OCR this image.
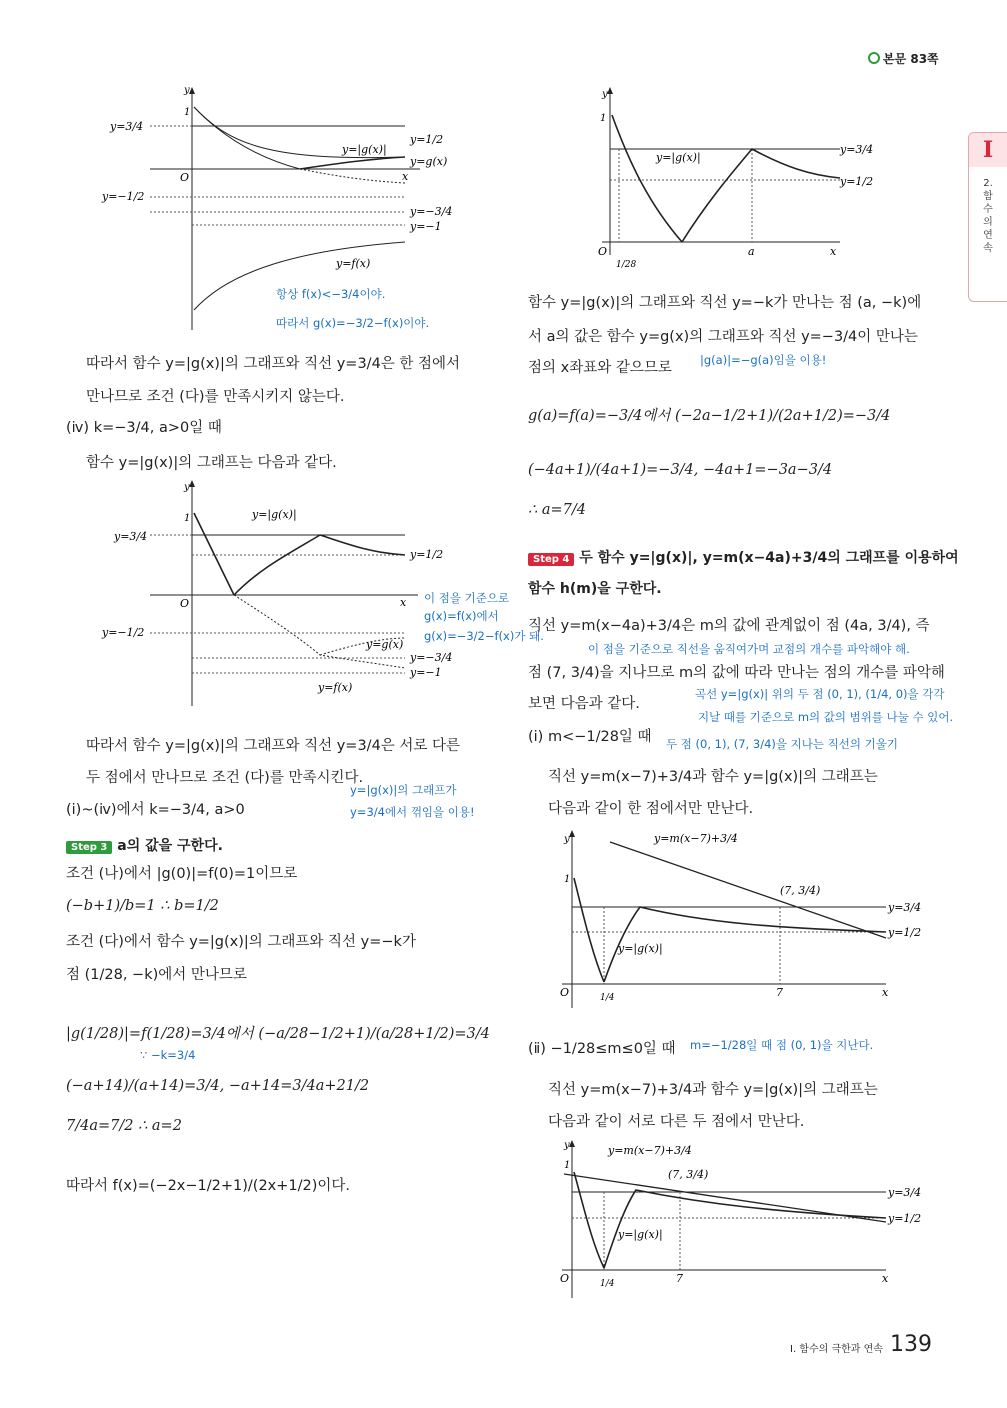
본문 83쪽
I
2. 함수의 연속
y
1
O	x
y=3/4
y=−1/2
y=1/2
y=g(x)
y=|g(x)|
y=−3/4
y=−1
y=f(x)
항상 f(x)<−3/4이야.
따라서 g(x)=−3/2−f(x)이야.
따라서 함수 y=|g(x)|의 그래프와 직선 y=3/4은 한 점에서
만나므로 조건 (다)를 만족시키지 않는다.
(ⅳ) k=−3/4, a>0일 때
함수 y=|g(x)|의 그래프는 다음과 같다.
y
1
O	x
y=3/4
y=−1/2
y=|g(x)|
y=1/2
y=g(x)
y=−3/4
y=−1
y=f(x)
이 점을 기준으로
g(x)=f(x)에서
g(x)=−3/2−f(x)가 돼.
따라서 함수 y=|g(x)|의 그래프와 직선 y=3/4은 서로 다른
두 점에서 만나므로 조건 (다)를 만족시킨다.
y=|g(x)|의 그래프가
(ⅰ)~(ⅳ)에서 k=−3/4, a>0	y=3/4에서 꺾임을 이용!
Step 3 a의 값을 구한다.
조건 (나)에서 |g(0)|=f(0)=1이므로
(−b+1)/b=1 ∴ b=1/2
조건 (다)에서 함수 y=|g(x)|의 그래프와 직선 y=−k가
점 (1/28, −k)에서 만나므로
|g(1/28)|=f(1/28)=3/4에서 (−a/28−1/2+1)/(a/28+1/2)=3/4
∵ −k=3/4
(−a+14)/(a+14)=3/4, −a+14=3/4a+21/2
7/4a=7/2 ∴ a=2
따라서 f(x)=(−2x−1/2+1)/(2x+1/2)이다.
y
1
O
1/28
a	x
y=|g(x)|
y=3/4
y=1/2
함수 y=|g(x)|의 그래프와 직선 y=−k가 만나는 점 (a, −k)에
서 a의 값은 함수 y=g(x)의 그래프와 직선 y=−3/4이 만나는
점의 x좌표와 같으므로 |g(a)|=−g(a)임을 이용!
g(a)=f(a)=−3/4에서 (−2a−1/2+1)/(2a+1/2)=−3/4
(−4a+1)/(4a+1)=−3/4, −4a+1=−3a−3/4
∴ a=7/4
Step 4 두 함수 y=|g(x)|, y=m(x−4a)+3/4의 그래프를 이용하여
함수 h(m)을 구한다.
직선 y=m(x−4a)+3/4은 m의 값에 관계없이 점 (4a, 3/4), 즉
이 점을 기준으로 직선을 움직여가며 교점의 개수를 파악해야 해.
점 (7, 3/4)을 지나므로 m의 값에 따라 만나는 점의 개수를 파악해
곡선 y=|g(x)| 위의 두 점 (0, 1), (1/4, 0)을 각각
보면 다음과 같다.
지날 때를 기준으로 m의 값의 범위를 나눌 수 있어.
(ⅰ) m<−1/28일 때 두 점 (0, 1), (7, 3/4)을 지나는 직선의 기울기
직선 y=m(x−7)+3/4과 함수 y=|g(x)|의 그래프는
다음과 같이 한 점에서만 만난다.
y
1
O	1/4	7	x
y=m(x−7)+3/4
(7, 3/4)
y=|g(x)|
y=3/4
y=1/2
(ⅱ) −1/28≤m≤0일 때 m=−1/28일 때 점 (0, 1)을 지난다.
직선 y=m(x−7)+3/4과 함수 y=|g(x)|의 그래프는
다음과 같이 서로 다른 두 점에서 만난다.
y
1
O	1/4	7	x
y=m(x−7)+3/4
(7, 3/4)
y=|g(x)|
y=3/4
y=1/2
Ⅰ. 함수의 극한과 연속 139
